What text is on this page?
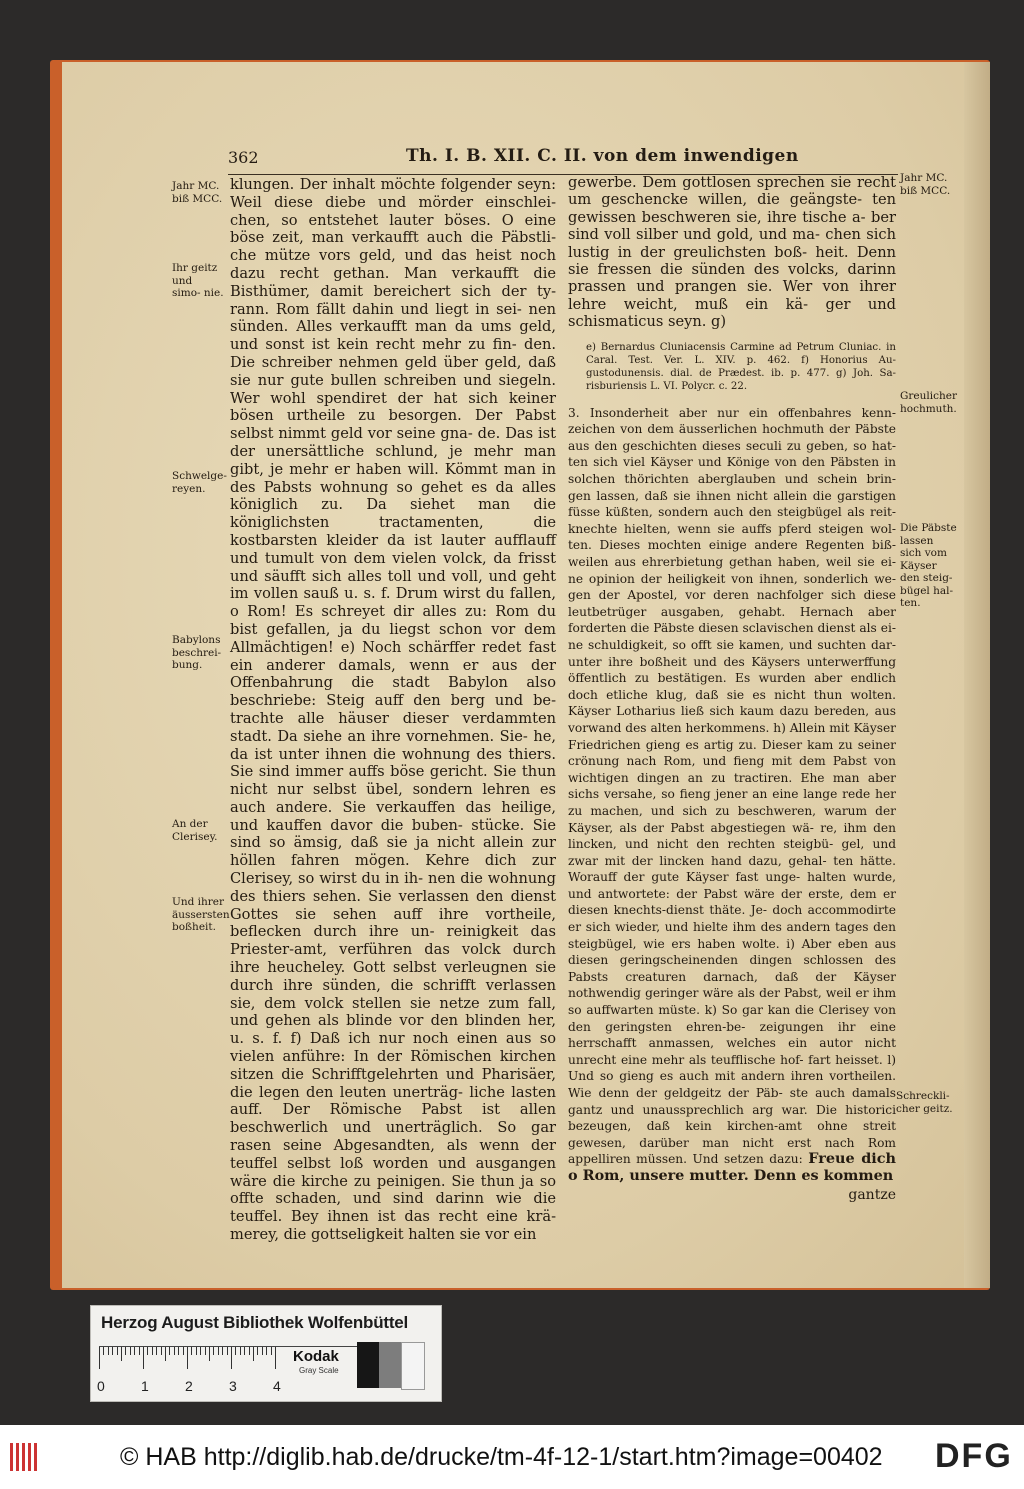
362	Th. I. B. XII. C. II. von dem inwendigen
Jahr MC. biß MCC.
Ihr geitz und simo- nie.
Schwelge- reyen.
Babylons beschrei- bung.
An der Clerisey.
Und ihrer äussersten boßheit.
Jahr MC. biß MCC.
Greulicher hochmuth.
Die Päbste lassen sich vom Käyser den steig- bügel hal- ten.
Schreckli- cher geitz.

klungen. Der inhalt möchte folgender seyn: Weil diese diebe und mörder einschlei- chen, so entstehet lauter böses. O eine böse zeit, man verkaufft auch die Päbstli- che mütze vors geld, und das heist noch dazu recht gethan. Man verkaufft die Bisthümer, damit bereichert sich der ty- rann. Rom fällt dahin und liegt in sei- nen sünden. Alles verkaufft man da ums geld, und sonst ist kein recht mehr zu fin- den. Die schreiber nehmen geld über geld, daß sie nur gute bullen schreiben und siegeln. Wer wohl spendiret der hat sich keiner bösen urtheile zu besorgen. Der Pabst selbst nimmt geld vor seine gna- de. Das ist der unersättliche schlund, je mehr man gibt, je mehr er haben will. Kömmt man in des Pabsts wohnung so gehet es da alles königlich zu. Da siehet man die königlichsten tractamenten, die kostbarsten kleider da ist lauter aufflauff und tumult von dem vielen volck, da frisst und säufft sich alles toll und voll, und geht im vollen sauß u. s. f. Drum wirst du fallen, o Rom! Es schreyet dir alles zu: Rom du bist gefallen, ja du liegst schon vor dem Allmächtigen! e) Noch schärffer redet fast ein anderer damals, wenn er aus der Offenbahrung die stadt Babylon also beschriebe: Steig auff den berg und be- trachte alle häuser dieser verdammten stadt. Da siehe an ihre vornehmen. Sie- he, da ist unter ihnen die wohnung des thiers. Sie sind immer auffs böse gericht. Sie thun nicht nur selbst übel, sondern lehren es auch andere. Sie verkauffen das heilige, und kauffen davor die buben- stücke. Sie sind so ämsig, daß sie ja nicht allein zur höllen fahren mögen. Kehre dich zur Clerisey, so wirst du in ih- nen die wohnung des thiers sehen. Sie verlassen den dienst Gottes sie sehen auff ihre vortheile, beflecken durch ihre un- reinigkeit das Priester-amt, verführen das volck durch ihre heucheley. Gott selbst verleugnen sie durch ihre sünden, die schrifft verlassen sie, dem volck stellen sie netze zum fall, und gehen als blinde vor den blinden her, u. s. f. f) Daß ich nur noch einen aus so vielen anführe: In der Römischen kirchen sitzen die Schrifftgelehrten und Pharisäer, die legen den leuten unerträg- liche lasten auff. Der Römische Pabst ist allen beschwerlich und unerträglich. So gar rasen seine Abgesandten, als wenn der teuffel selbst loß worden und ausgangen wäre die kirche zu peinigen. Sie thun ja so offte schaden, und sind darinn wie die teuffel. Bey ihnen ist das recht eine krä- merey, die gottseligkeit halten sie vor ein

gewerbe. Dem gottlosen sprechen sie recht um geschencke willen, die geängste- ten gewissen beschweren sie, ihre tische a- ber sind voll silber und gold, und ma- chen sich lustig in der greulichsten boß- heit. Denn sie fressen die sünden des volcks, darinn prassen und prangen sie. Wer von ihrer lehre weicht, muß ein kä- ger und schismaticus seyn. g)

e) Bernardus Cluniacensis Carmine ad Petrum Cluniac. in Caral. Test. Ver. L. XIV. p. 462. f) Honorius Au- gustodunensis. dial. de Prædest. ib. p. 477. g) Joh. Sa- risburiensis L. VI. Polycr. c. 22.

3. Insonderheit aber nur ein offenbahres kenn- zeichen von dem äusserlichen hochmuth der Päbste aus den geschichten dieses seculi zu geben, so hat- ten sich viel Käyser und Könige von den Päbsten in solchen thörichten aberglauben und schein brin- gen lassen, daß sie ihnen nicht allein die garstigen füsse küßten, sondern auch den steigbügel als reit- knechte hielten, wenn sie auffs pferd steigen wol- ten. Dieses mochten einige andere Regenten biß- weilen aus ehrerbietung gethan haben, weil sie ei- ne opinion der heiligkeit von ihnen, sonderlich we- gen der Apostel, vor deren nachfolger sich diese leutbetrüger ausgaben, gehabt. Hernach aber forderten die Päbste diesen sclavischen dienst als ei- ne schuldigkeit, so offt sie kamen, und suchten dar- unter ihre boßheit und des Käysers unterwerffung öffentlich zu bestätigen. Es wurden aber endlich doch etliche klug, daß sie es nicht thun wolten. Käyser Lotharius ließ sich kaum dazu bereden, aus vorwand des alten herkommens. h) Allein mit Käyser Friedrichen gieng es artig zu. Dieser kam zu seiner crönung nach Rom, und fieng mit dem Pabst von wichtigen dingen an zu tractiren. Ehe man aber sichs versahe, so fieng jener an eine lange rede her zu machen, und sich zu beschweren, warum der Käyser, als der Pabst abgestiegen wä- re, ihm den lincken, und nicht den rechten steigbü- gel, und zwar mit der lincken hand dazu, gehal- ten hätte. Worauff der gute Käyser fast unge- halten wurde, und antwortete: der Pabst wäre der erste, dem er diesen knechts-dienst thäte. Je- doch accommodirte er sich wieder, und hielte ihm des andern tages den steigbügel, wie ers haben wolte. i) Aber eben aus diesen geringscheinenden dingen schlossen des Pabsts creaturen darnach, daß der Käyser nothwendig geringer wäre als der Pabst, weil er ihm so auffwarten müste. k) So gar kan die Clerisey von den geringsten ehren-be- zeigungen ihr eine herrschafft anmassen, welches ein autor nicht unrecht eine mehr als teufflische hof- fart heisset. l) Und so gieng es auch mit andern ihren vortheilen. Wie denn der geldgeitz der Päb- ste auch damals gantz und unaussprechlich arg war. Die historici bezeugen, daß kein kirchen-amt ohne streit gewesen, darüber man nicht erst nach Rom appelliren müssen. Und setzen dazu: Freue dich o Rom, unsere mutter. Denn es kommen

gantze

Herzog August Bibliothek Wolfenbüttel
0	1	2	3	4
Kodak
Gray Scale
© HAB http://diglib.hab.de/drucke/tm-4f-12-1/start.htm?image=00402 DFG
